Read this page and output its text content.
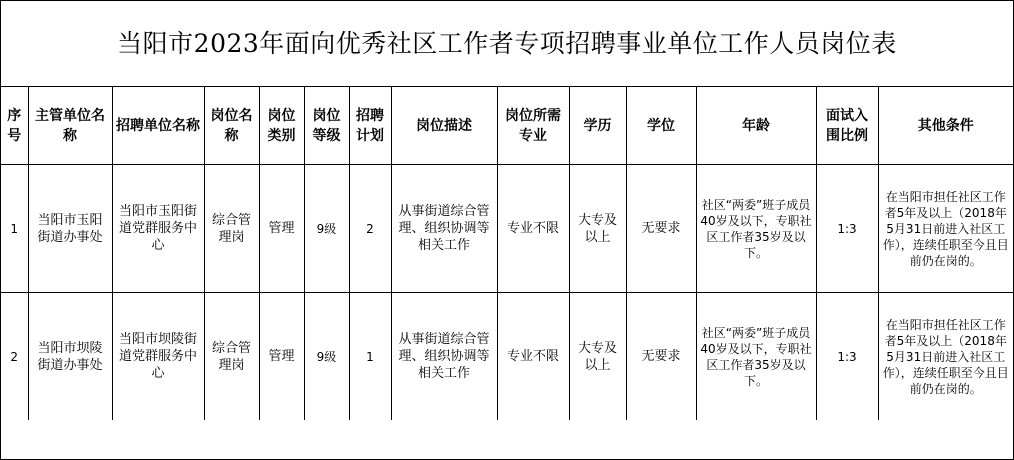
当阳市2023年面向优秀社区工作者专项招聘事业单位工作人员岗位表
序号	主管单位名称	招聘单位名称	岗位名称	岗位类别	岗位等级	招聘计划	岗位描述	岗位所需专业	学历	学位	年龄	面试入围比例	其他条件
1	当阳市玉阳街道办事处	当阳市玉阳街道党群服务中心	综合管理岗	管理	9级	2	从事街道综合管理、组织协调等相关工作	专业不限	大专及以上	无要求	社区“两委”班子成员40岁及以下，专职社区工作者35岁及以下。	1:3	在当阳市担任社区工作者5年及以上（2018年5月31日前进入社区工作），连续任职至今且目前仍在岗的。
2	当阳市坝陵街道办事处	当阳市坝陵街道党群服务中心	综合管理岗	管理	9级	1	从事街道综合管理、组织协调等相关工作	专业不限	大专及以上	无要求	社区“两委”班子成员40岁及以下，专职社区工作者35岁及以下。	1:3	在当阳市担任社区工作者5年及以上（2018年5月31日前进入社区工作），连续任职至今且目前仍在岗的。
